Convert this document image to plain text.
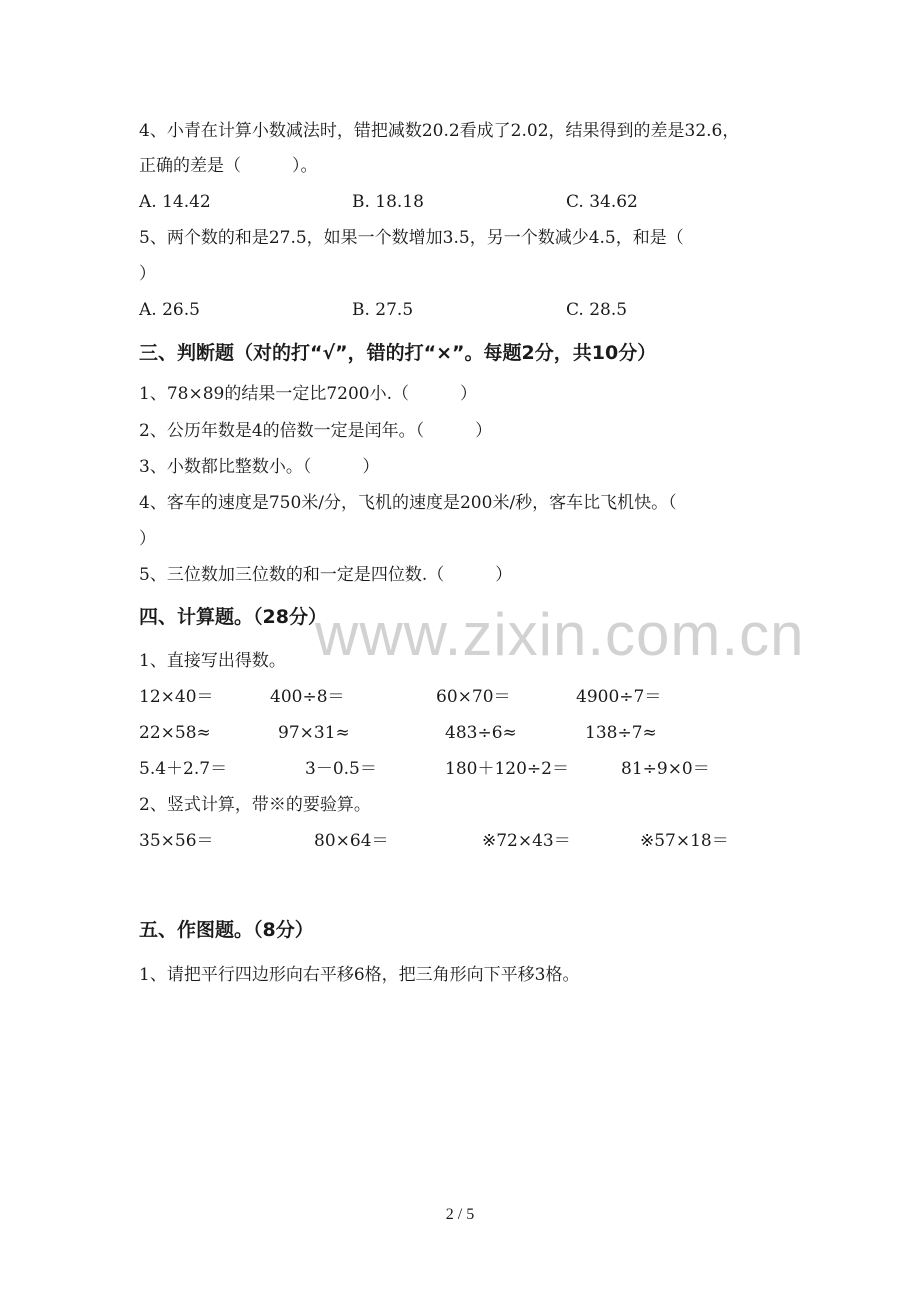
www.zixin.com.cn
4、小青在计算小数减法时，错把减数20.2看成了2.02，结果得到的差是32.6，
正确的差是（　　　）。
A. 14.42	B. 18.18	C. 34.62
5、两个数的和是27.5，如果一个数增加3.5，另一个数减少4.5，和是（
）
A. 26.5	B. 27.5	C. 28.5
三、判断题（对的打“√”，错的打“×”。每题2分，共10分）
1、78×89的结果一定比7200小.（　　　）
2、公历年数是4的倍数一定是闰年。（　　　）
3、小数都比整数小。（　　　）
4、客车的速度是750米/分，飞机的速度是200米/秒，客车比飞机快。（
）
5、三位数加三位数的和一定是四位数.（　　　）
四、计算题。（28分）
1、直接写出得数。
12×40＝	400÷8＝	60×70＝	4900÷7＝
22×58≈	97×31≈	483÷6≈	138÷7≈
5.4＋2.7＝	3－0.5＝	180＋120÷2＝	81÷9×0＝
2、竖式计算，带※的要验算。
35×56＝	80×64＝	※72×43＝	※57×18＝
五、作图题。（8分）
1、请把平行四边形向右平移6格，把三角形向下平移3格。
2 / 5
